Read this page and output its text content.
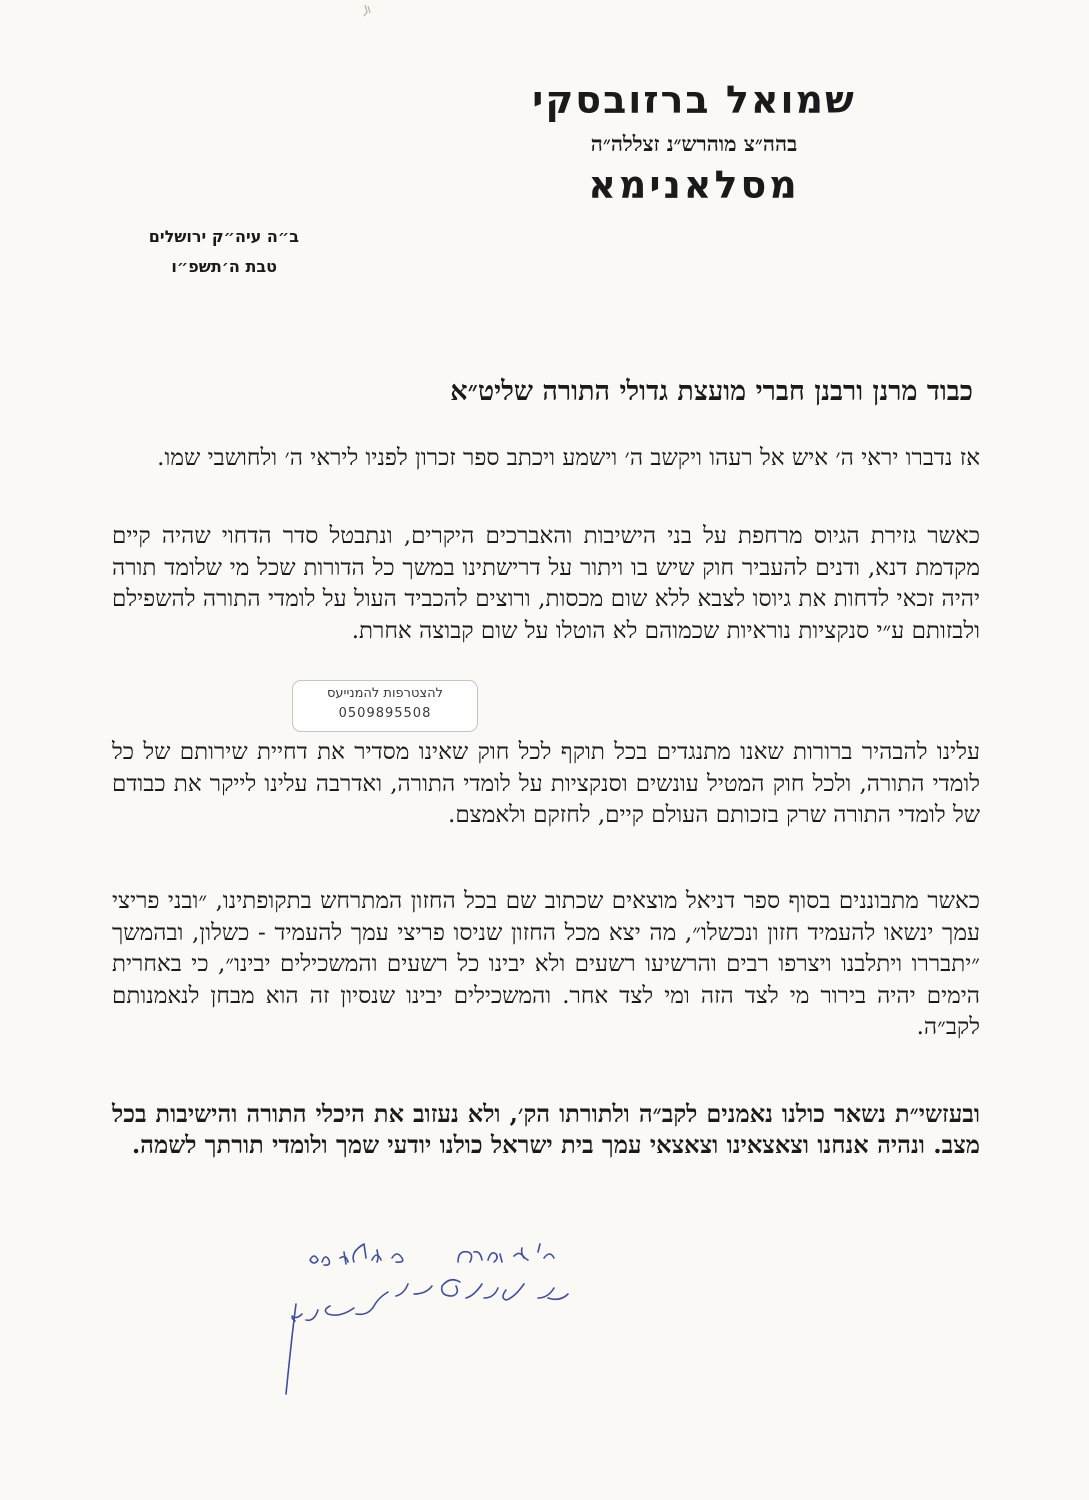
שמואל ברזובסקי
בהה״צ מוהרש״נ זצללה״ה
מסלאנימא
ב״ה עיה״ק ירושלים
טבת ה׳תשפ״ו
כבוד מרנן ורבנן חברי מועצת גדולי התורה שליט״א
אז נדברו יראי ה׳ איש אל רעהו ויקשב ה׳ וישמע ויכתב ספר זכרון לפניו ליראי ה׳ ולחושבי שמו.
כאשר גזירת הגיוס מרחפת על בני הישיבות והאברכים היקרים, ונתבטל סדר הדחוי שהיה קיים מקדמת דנא, ודנים להעביר חוק שיש בו ויתור על דרישתינו במשך כל הדורות שכל מי שלומד תורה יהיה זכאי לדחות את גיוסו לצבא ללא שום מכסות, ורוצים להכביד העול על לומדי התורה להשפילם ולבזותם ע״י סנקציות נוראיות שכמוהם לא הוטלו על שום קבוצה אחרת.
עלינו להבהיר ברורות שאנו מתנגדים בכל תוקף לכל חוק שאינו מסדיר את דחיית שירותם של כל לומדי התורה, ולכל חוק המטיל עונשים וסנקציות על לומדי התורה, ואדרבה עלינו לייקר את כבודם של לומדי התורה שרק בזכותם העולם קיים, לחזקם ולאמצם.
כאשר מתבוננים בסוף ספר דניאל מוצאים שכתוב שם בכל החזון המתרחש בתקופתינו, ״ובני פריצי עמך ינשאו להעמיד חזון ונכשלו״, מה יצא מכל החזון שניסו פריצי עמך להעמיד - כשלון, ובהמשך ״יתבררו ויתלבנו ויצרפו רבים והרשיעו רשעים ולא יבינו כל רשעים והמשכילים יבינו״, כי באחרית הימים יהיה בירור מי לצד הזה ומי לצד אחר. והמשכילים יבינו שנסיון זה הוא מבחן לנאמנותם לקב״ה.
ובעזשי״ת נשאר כולנו נאמנים לקב״ה ולתורתו הק׳, ולא נעזוב את היכלי התורה והישיבות בכל מצב. ונהיה אנחנו וצאצאינו וצאצאי עמך בית ישראל כולנו יודעי שמך ולומדי תורתך לשמה.
להצטרפות להמנייעס
0509895508
